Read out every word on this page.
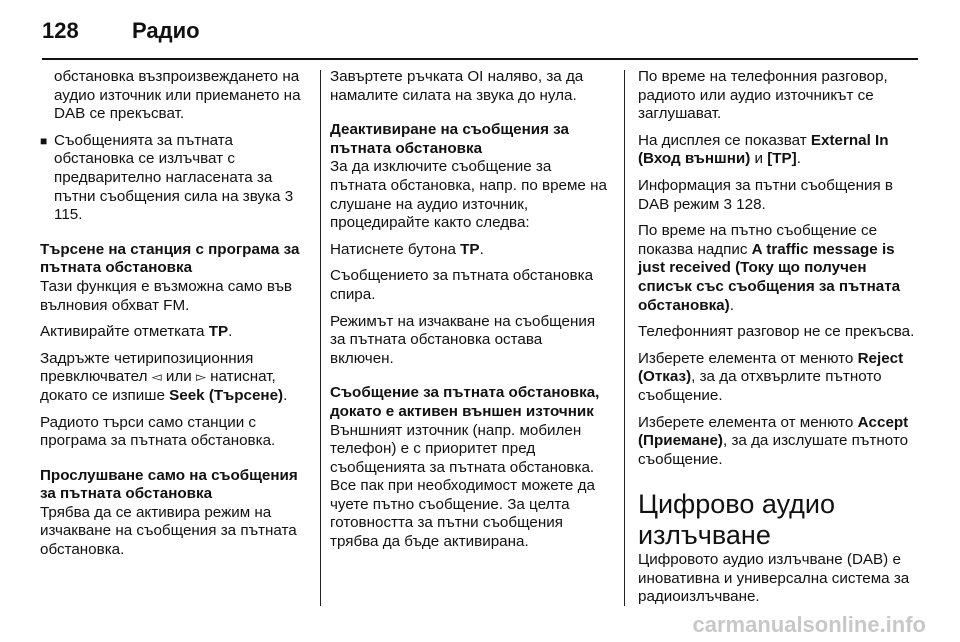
128	Радио

обстановка възпроизвеждането на аудио източник или приемането на DAB се прекъсват.

■ Съобщенията за пътната обстановка се излъчват с предварително нагласената за пътни съобщения сила на звука 3 115.
Търсене на станция с програма за пътната обстановка

Тази функция е възможна само във вълновия обхват FM.

Активирайте отметката TP.

Задръжте четирипозиционния превключвател ◅ или ▻ натиснат, докато се изпише Seek (Търсене).

Радиото търси само станции с програма за пътната обстановка.

Прослушване само на съобщения за пътната обстановка

Трябва да се активира режим на изчакване на съобщения за пътната обстановка.

Завъртете ръчката OI наляво, за да намалите силата на звука до нула.

Деактивиране на съобщения за пътната обстановка

За да изключите съобщение за пътната обстановка, напр. по време на слушане на аудио източник, процедирайте както следва:

Натиснете бутона TP.

Съобщението за пътната обстановка спира.

Режимът на изчакване на съобщения за пътната обстановка остава включен.

Съобщение за пътната обстановка, докато е активен външен източник

Външният източник (напр. мобилен телефон) е с приоритет пред съобщенията за пътната обстановка. Все пак при необходимост можете да чуете пътно съобщение. За целта готовността за пътни съобщения трябва да бъде активирана.

По време на телефонния разговор, радиото или аудио източникът се заглушават.

На дисплея се показват External In (Вход външни) и [TP].

Информация за пътни съобщения в DAB режим 3 128.

По време на пътно съобщение се показва надпис A traffic message is just received (Току що получен списък със съобщения за пътната обстановка).

Телефонният разговор не се прекъсва.

Изберете елемента от менюто Reject (Отказ), за да отхвърлите пътното съобщение.

Изберете елемента от менюто Accept (Приемане), за да изслушате пътното съобщение.

Цифрово аудио излъчване

Цифровото аудио излъчване (DAB) е иновативна и универсална система за радиоизлъчване.

carmanualsonline.info
